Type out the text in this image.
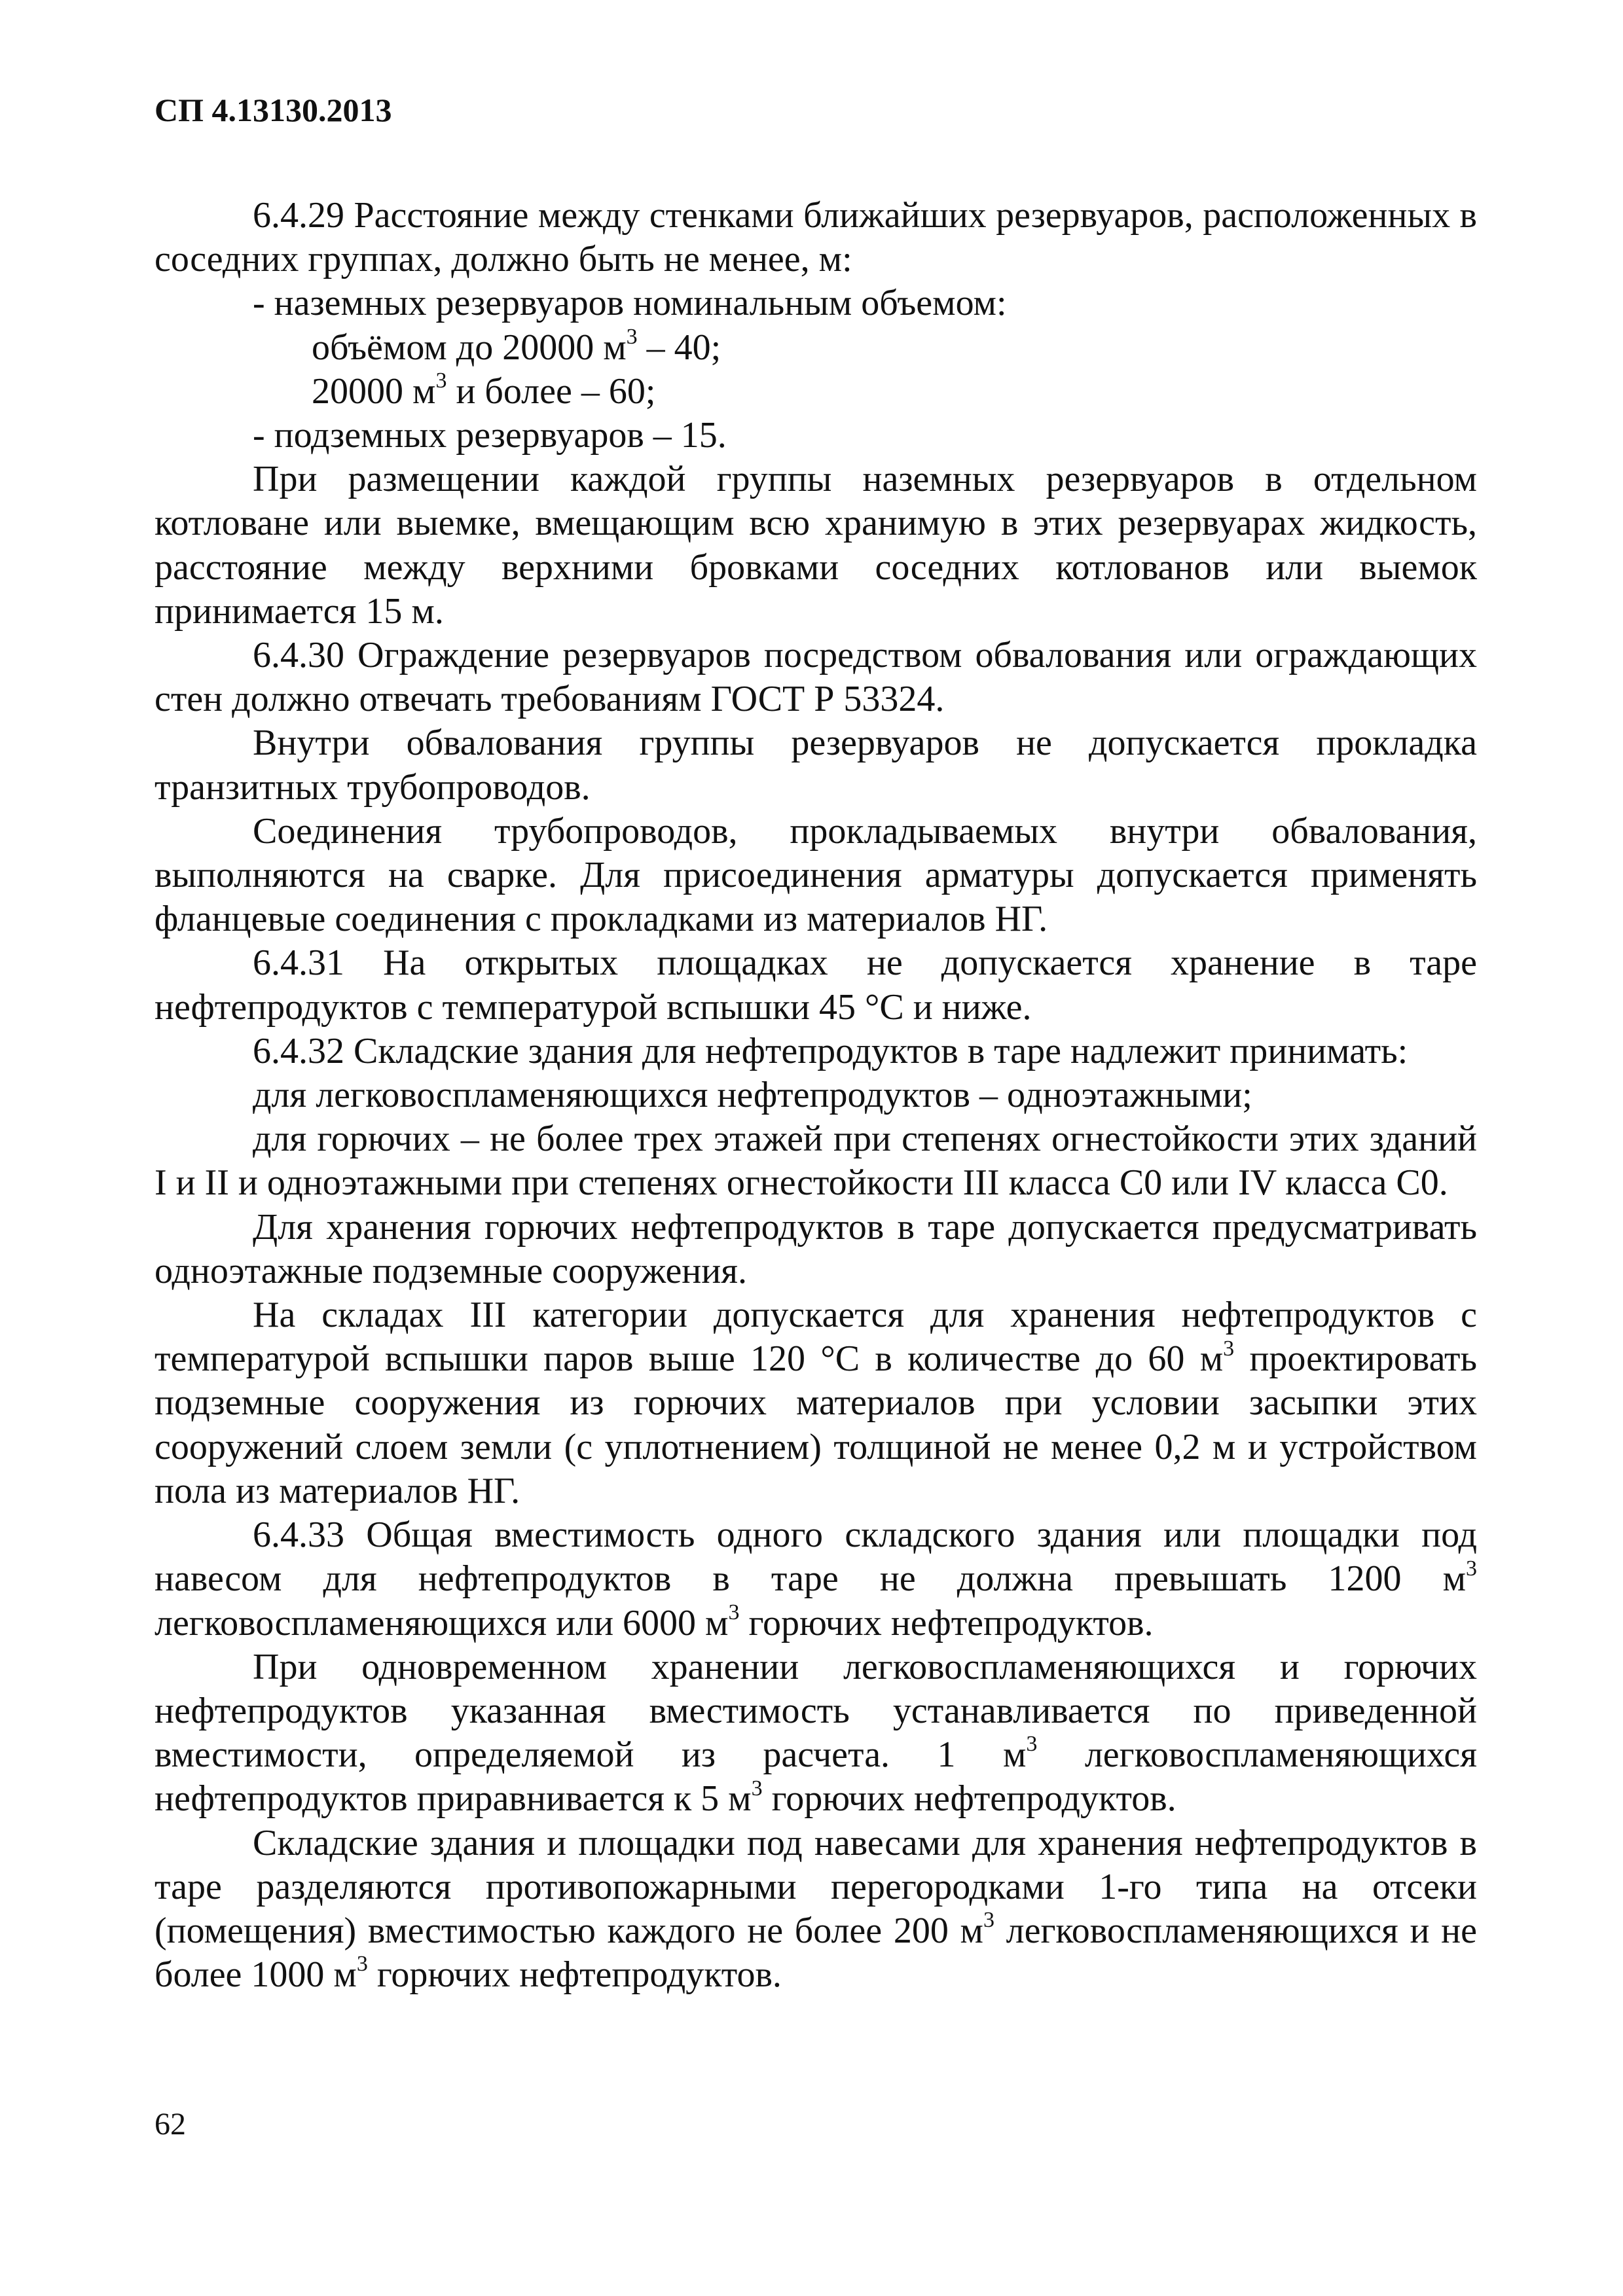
СП 4.13130.2013

6.4.29 Расстояние между стенками ближайших резервуаров, расположенных в соседних группах, должно быть не менее, м:

- наземных резервуаров номинальным объемом:

объёмом до 20000 $м^3 - 40$;

20000 $м^3$ и более – 60;

- подземных резервуаров – 15.

При размещении каждой группы наземных резервуаров в отдельном котловане или выемке, вмещающим всю хранимую в этих резервуарах жидкость, расстояние между верхними бровками соседних котлованов или выемок принимается 15 м.

6.4.30 Ограждение резервуаров посредством обвалования или ограждающих стен должно отвечать требованиям ГОСТ Р 53324.

Внутри обвалования группы резервуаров не допускается прокладка транзитных трубопроводов.

Соединения трубопроводов, прокладываемых внутри обвалования, выполняются на сварке. Для присоединения арматуры допускается применять фланцевые соединения с прокладками из материалов НГ.

6.4.31 На открытых площадках не допускается хранение в таре нефтепродуктов с температурой вспышки 45 °С и ниже.

6.4.32 Складские здания для нефтепродуктов в таре надлежит принимать:

для легковоспламеняющихся нефтепродуктов – одноэтажными;

для горючих – не более трех этажей при степенях огнестойкости этих зданий I и II и одноэтажными при степенях огнестойкости III класса С0 или IV класса С0.

Для хранения горючих нефтепродуктов в таре допускается предусматривать одноэтажные подземные сооружения.

На складах III категории допускается для хранения нефтепродуктов с температурой вспышки паров выше 120 °С в количестве до 60 $м^3$ проектировать подземные сооружения из горючих материалов при условии засыпки этих сооружений слоем земли (с уплотнением) толщиной не менее 0,2 м и устройством пола из материалов НГ.

6.4.33 Общая вместимость одного складского здания или площадки под навесом для нефтепродуктов в таре не должна превышать 1200 $м^3$ легковоспламеняющихся или 6000 $м^3$ горючих нефтепродуктов.

При одновременном хранении легковоспламеняющихся и горючих нефтепродуктов указанная вместимость устанавливается по приведенной вместимости, определяемой из расчета. 1 $м^3$ легковоспламеняющихся нефтепродуктов приравнивается к 5 $м^3$ горючих нефтепродуктов.

Складские здания и площадки под навесами для хранения нефтепродуктов в таре разделяются противопожарными перегородками 1-го типа на отсеки (помещения) вместимостью каждого не более 200 $м^3$ легковоспламеняющихся и не более 1000 $м^3$ горючих нефтепродуктов.

62
